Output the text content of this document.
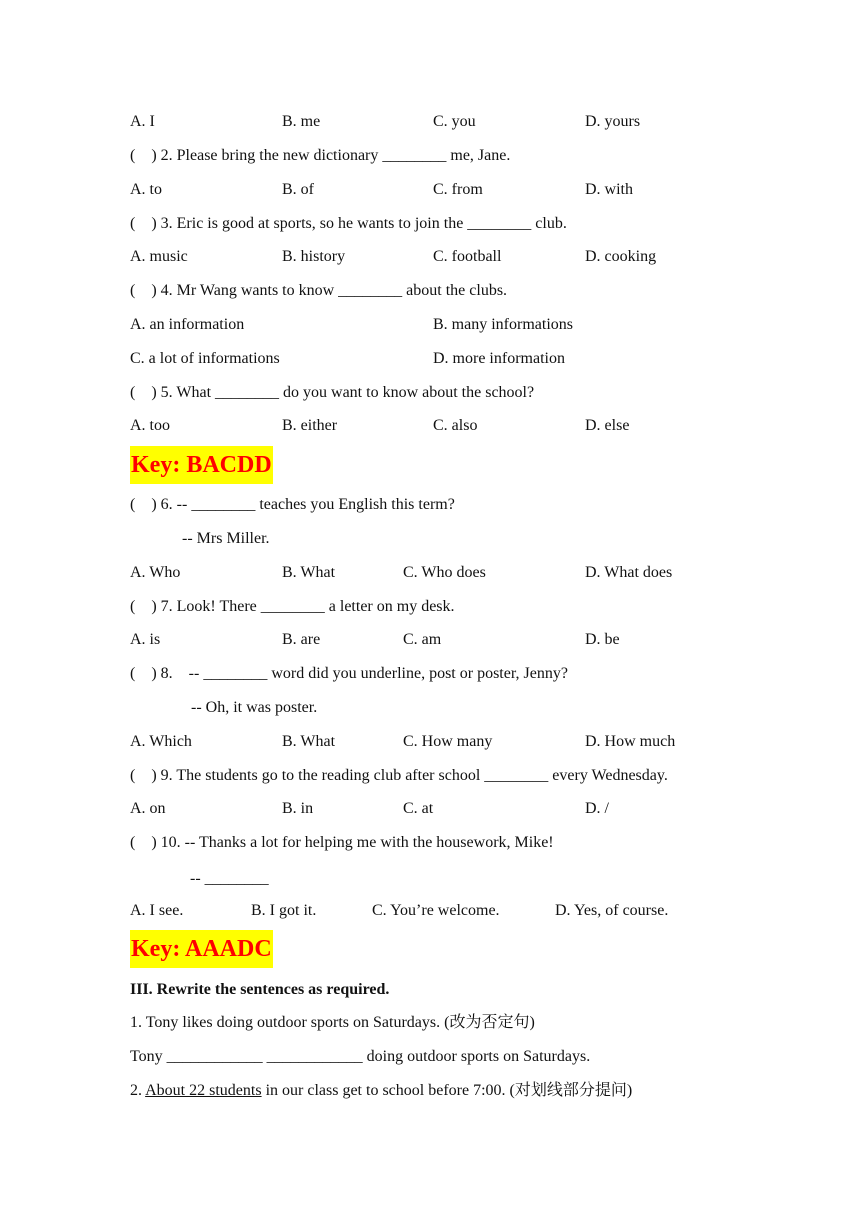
A. I	B. me	C. you	D. yours
(    ) 2. Please bring the new dictionary ________ me, Jane.
A. to	B. of	C. from	D. with
(    ) 3. Eric is good at sports, so he wants to join the ________ club.
A. music	B. history	C. football	D. cooking
(    ) 4. Mr Wang wants to know ________ about the clubs.
A. an information	B. many informations
C. a lot of informations	D. more information
(    ) 5. What ________ do you want to know about the school?
A. too	B. either	C. also	D. else
Key: BACDD
(    ) 6. -- ________ teaches you English this term?
-- Mrs Miller.
A. Who	B. What	C. Who does	D. What does
(    ) 7. Look! There ________ a letter on my desk.
A. is	B. are	C. am	D. be
(    ) 8.    -- ________ word did you underline, post or poster, Jenny?
-- Oh, it was poster.
A. Which	B. What	C. How many	D. How much
(    ) 9. The students go to the reading club after school ________ every Wednesday.
A. on	B. in	C. at	D. /
(    ) 10. -- Thanks a lot for helping me with the housework, Mike!
-- ________
A. I see.	B. I got it.	C. You’re welcome.	D. Yes, of course.
Key: AAADC
III. Rewrite the sentences as required.
1. Tony likes doing outdoor sports on Saturdays. (改为否定句)
Tony ____________ ____________ doing outdoor sports on Saturdays.
2. About 22 students in our class get to school before 7:00. (对划线部分提问)
